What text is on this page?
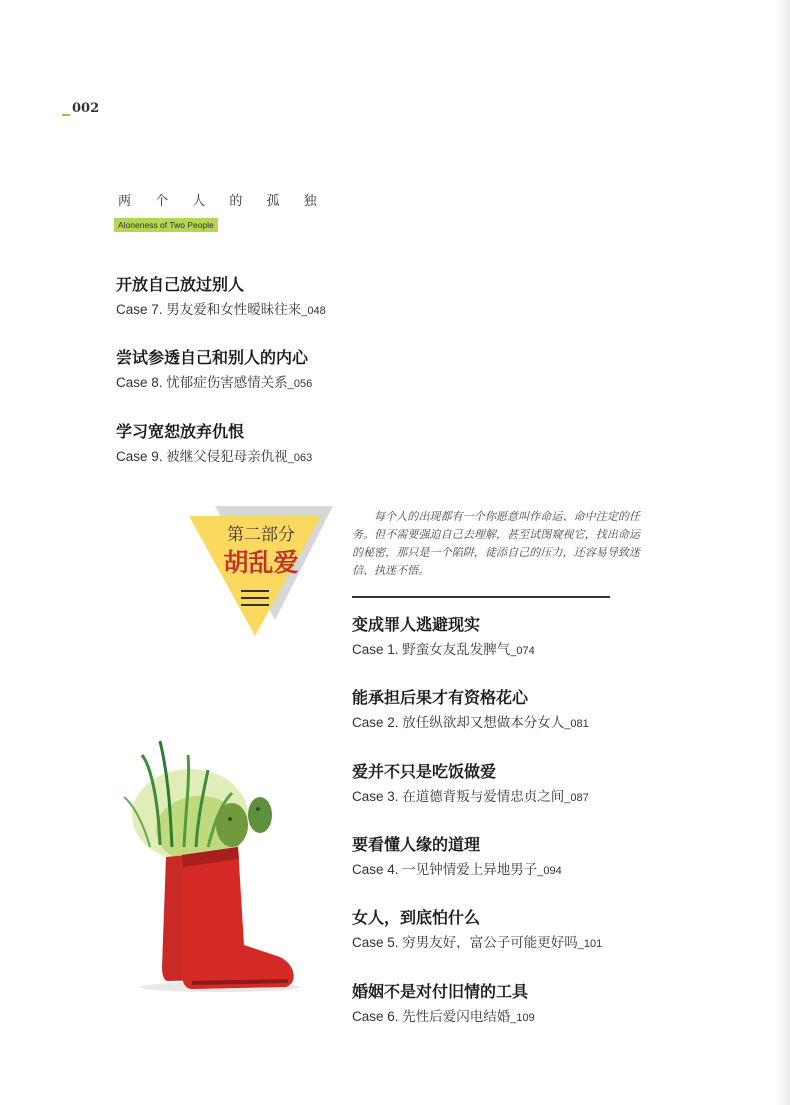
002
两 个 人 的 孤 独
Aloneness of Two People
开放自己放过别人
Case 7. 男友爱和女性暧昧往来_048
尝试参透自己和别人的内心
Case 8. 忧郁症伤害感情关系_056
学习宽恕放弃仇恨
Case 9. 被继父侵犯母亲仇视_063
第二部分
胡乱爱
每个人的出现都有一个你愿意叫作命运、命中注定的任务。但不需要强迫自己去理解，甚至试图窥视它，找出命运的秘密，那只是一个陷阱，徒添自己的压力，还容易导致迷信、执迷不悟。
变成罪人逃避现实
Case 1. 野蛮女友乱发脾气_074
能承担后果才有资格花心
Case 2. 放任纵欲却又想做本分女人_081
爱并不只是吃饭做爱
Case 3. 在道德背叛与爱情忠贞之间_087
要看懂人缘的道理
Case 4. 一见钟情爱上异地男子_094
女人，到底怕什么
Case 5. 穷男友好，富公子可能更好吗_101
婚姻不是对付旧情的工具
Case 6. 先性后爱闪电结婚_109
